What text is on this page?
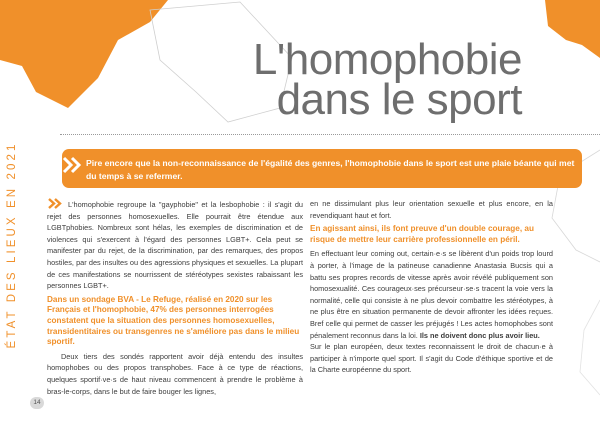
ÉTAT DES LIEUX EN 2021
L'homophobie
dans le sport
Pire encore que la non-reconnaissance de l'égalité des genres, l'homophobie dans le sport est une plaie béante qui met du temps à se refermer.

L'homophobie regroupe la "gayphobie" et la lesbophobie : il s'agit du rejet des personnes homosexuelles. Elle pourrait être étendue aux LGBTphobies. Nombreux sont hélas, les exemples de discrimination et de violences qui s'exercent à l'égard des personnes LGBT+. Cela peut se manifester par du rejet, de la discrimination, par des remarques, des propos hostiles, par des insultes ou des agressions physiques et sexuelles. La plupart de ces manifestations se nourrissent de stéréotypes sexistes rabaissant les personnes LGBT+.

Dans un sondage BVA - Le Refuge, réalisé en 2020 sur les Français et l'homophobie, 47% des personnes interrogées constatent que la situation des personnes homosexuelles, transidentitaires ou transgenres ne s'améliore pas dans le milieu sportif.

Deux tiers des sondés rapportent avoir déjà entendu des insultes homophobes ou des propos transphobes. Face à ce type de réactions, quelques sportif·ve·s de haut niveau commencent à prendre le problème à bras-le-corps, dans le but de faire bouger les lignes,

en ne dissimulant plus leur orientation sexuelle et plus encore, en la revendiquant haut et fort.

En agissant ainsi, ils font preuve d'un double courage, au risque de mettre leur carrière professionnelle en péril.

En effectuant leur coming out, certain·e·s se libèrent d'un poids trop lourd à porter, à l'image de la patineuse canadienne Anastasia Bucsis qui a battu ses propres records de vitesse après avoir révélé publiquement son homosexualité. Ces courageux·ses précurseur·se·s tracent la voie vers la normalité, celle qui consiste à ne plus devoir combattre les stéréotypes, à ne plus être en situation permanente de devoir affronter les idées reçues. Bref celle qui permet de casser les préjugés ! Les actes homophobes sont pénalement reconnus dans la loi. Ils ne doivent donc plus avoir lieu.

Sur le plan européen, deux textes reconnaissent le droit de chacun·e à participer à n'importe quel sport. Il s'agit du Code d'éthique sportive et de la Charte européenne du sport.

14
